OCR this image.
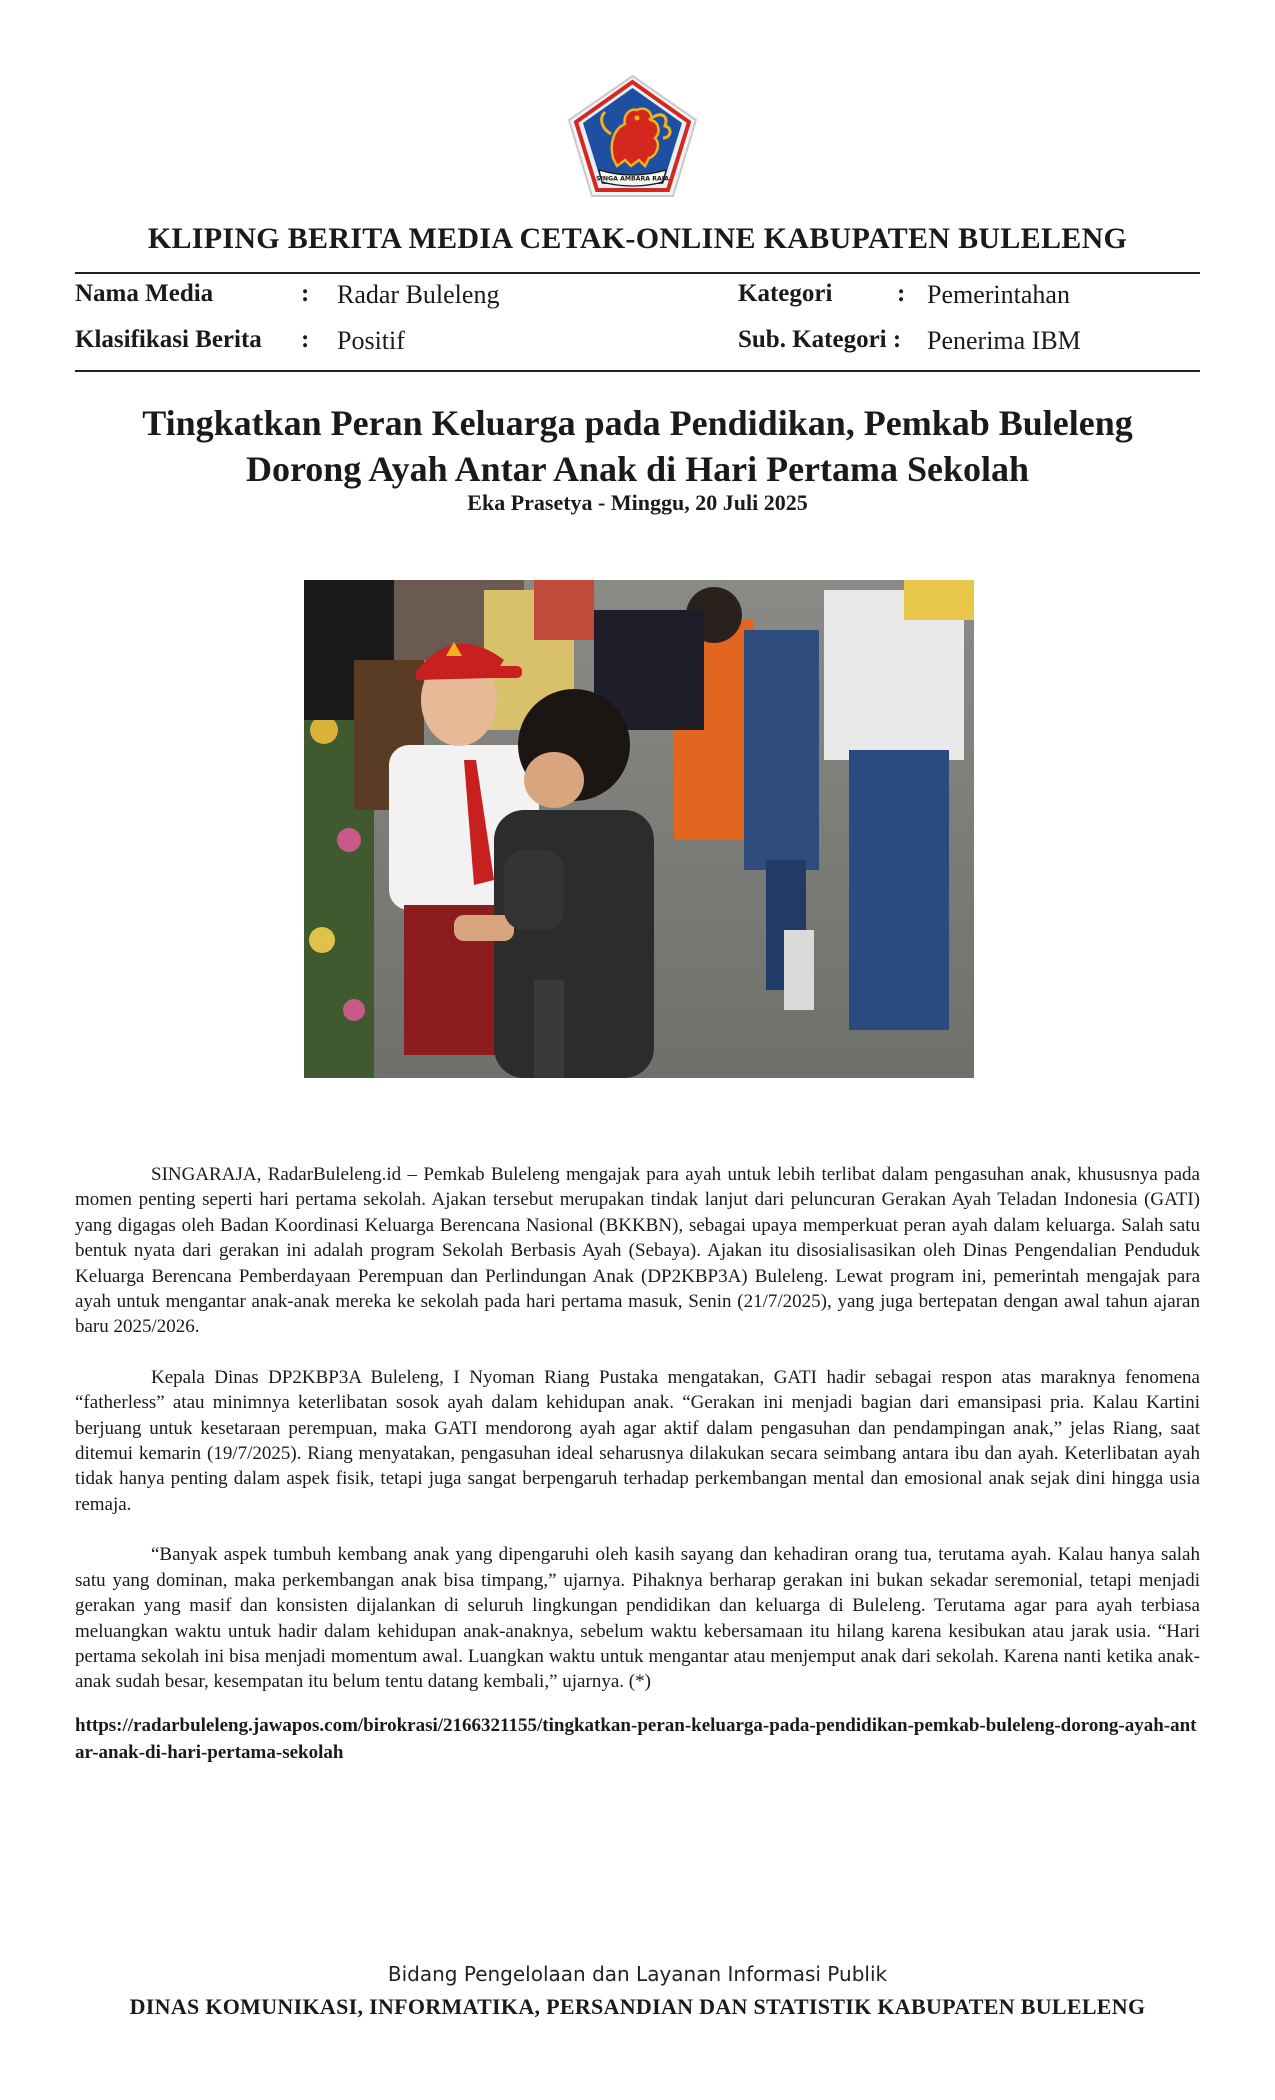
SINGA AMBARA RAJA
KLIPING BERITA MEDIA CETAK-ONLINE KABUPATEN BULELENG
Nama Media	: Radar Buleleng	Kategori	: Pemerintahan
Klasifikasi Berita : Positif	Sub. Kategori : Penerima IBM
Tingkatkan Peran Keluarga pada Pendidikan, Pemkab Buleleng
Dorong Ayah Antar Anak di Hari Pertama Sekolah
Eka Prasetya - Minggu, 20 Juli 2025

SINGARAJA, RadarBuleleng.id – Pemkab Buleleng mengajak para ayah untuk lebih terlibat dalam pengasuhan anak, khususnya pada momen penting seperti hari pertama sekolah. Ajakan tersebut merupakan tindak lanjut dari peluncuran Gerakan Ayah Teladan Indonesia (GATI) yang digagas oleh Badan Koordinasi Keluarga Berencana Nasional (BKKBN), sebagai upaya memperkuat peran ayah dalam keluarga. Salah satu bentuk nyata dari gerakan ini adalah program Sekolah Berbasis Ayah (Sebaya). Ajakan itu disosialisasikan oleh Dinas Pengendalian Penduduk Keluarga Berencana Pemberdayaan Perempuan dan Perlindungan Anak (DP2KBP3A) Buleleng. Lewat program ini, pemerintah mengajak para ayah untuk mengantar anak-anak mereka ke sekolah pada hari pertama masuk, Senin (21/7/2025), yang juga bertepatan dengan awal tahun ajaran baru 2025/2026.

Kepala Dinas DP2KBP3A Buleleng, I Nyoman Riang Pustaka mengatakan, GATI hadir sebagai respon atas maraknya fenomena “fatherless” atau minimnya keterlibatan sosok ayah dalam kehidupan anak. “Gerakan ini menjadi bagian dari emansipasi pria. Kalau Kartini berjuang untuk kesetaraan perempuan, maka GATI mendorong ayah agar aktif dalam pengasuhan dan pendampingan anak,” jelas Riang, saat ditemui kemarin (19/7/2025). Riang menyatakan, pengasuhan ideal seharusnya dilakukan secara seimbang antara ibu dan ayah. Keterlibatan ayah tidak hanya penting dalam aspek fisik, tetapi juga sangat berpengaruh terhadap perkembangan mental dan emosional anak sejak dini hingga usia remaja.

“Banyak aspek tumbuh kembang anak yang dipengaruhi oleh kasih sayang dan kehadiran orang tua, terutama ayah. Kalau hanya salah satu yang dominan, maka perkembangan anak bisa timpang,” ujarnya. Pihaknya berharap gerakan ini bukan sekadar seremonial, tetapi menjadi gerakan yang masif dan konsisten dijalankan di seluruh lingkungan pendidikan dan keluarga di Buleleng. Terutama agar para ayah terbiasa meluangkan waktu untuk hadir dalam kehidupan anak-anaknya, sebelum waktu kebersamaan itu hilang karena kesibukan atau jarak usia. “Hari pertama sekolah ini bisa menjadi momentum awal. Luangkan waktu untuk mengantar atau menjemput anak dari sekolah. Karena nanti ketika anak-anak sudah besar, kesempatan itu belum tentu datang kembali,” ujarnya. (*)

https://radarbuleleng.jawapos.com/birokrasi/2166321155/tingkatkan-peran-keluarga-pada-pendidikan-pemkab-buleleng-dorong-ayah-antar-anak-di-hari-pertama-sekolah
Bidang Pengelolaan dan Layanan Informasi Publik
DINAS KOMUNIKASI, INFORMATIKA, PERSANDIAN DAN STATISTIK KABUPATEN BULELENG
